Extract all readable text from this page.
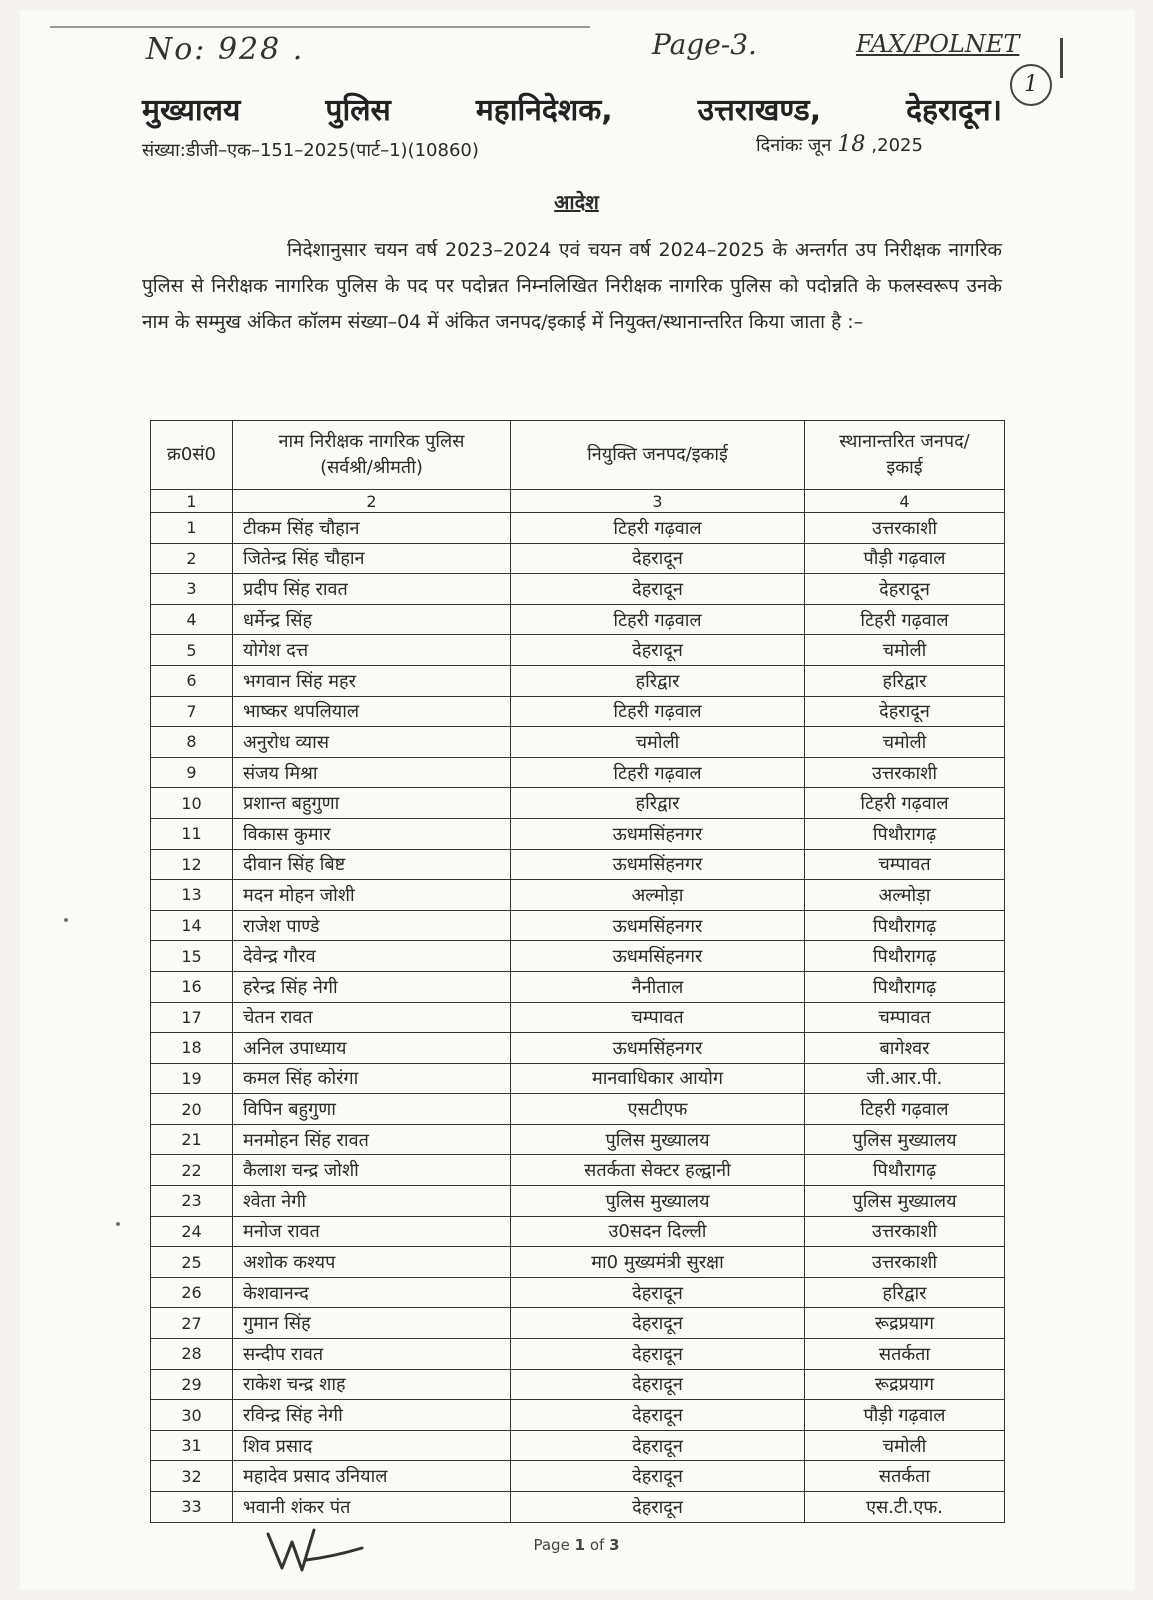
No: 928 .	Page-3.	FAX/POLNET
1
मुख्यालय	पुलिस	महानिदेशक,	उत्तराखण्ड,	देहरादून।
संख्या:डीजी–एक–151–2025(पार्ट–1)(10860)	दिनांकः जून 18 ,2025
आदेश
निदेशानुसार चयन वर्ष 2023–2024 एवं चयन वर्ष 2024–2025 के अन्तर्गत उप निरीक्षक नागरिक पुलिस से निरीक्षक नागरिक पुलिस के पद पर पदोन्नत निम्नलिखित निरीक्षक नागरिक पुलिस को पदोन्नति के फलस्वरूप उनके नाम के सम्मुख अंकित कॉलम संख्या–04 में अंकित जनपद/इकाई में नियुक्त/स्थानान्तरित किया जाता है :–
क्र0सं0	नाम निरीक्षक नागरिक पुलिस (सर्वश्री/श्रीमती)	नियुक्ति जनपद/इकाई	स्थानान्तरित जनपद/इकाई
1	2	3	4
1	टीकम सिंह चौहान	टिहरी गढ़वाल	उत्तरकाशी
2	जितेन्द्र सिंह चौहान	देहरादून	पौड़ी गढ़वाल
3	प्रदीप सिंह रावत	देहरादून	देहरादून
4	धर्मेन्द्र सिंह	टिहरी गढ़वाल	टिहरी गढ़वाल
5	योगेश दत्त	देहरादून	चमोली
6	भगवान सिंह महर	हरिद्वार	हरिद्वार
7	भाष्कर थपलियाल	टिहरी गढ़वाल	देहरादून
8	अनुरोध व्यास	चमोली	चमोली
9	संजय मिश्रा	टिहरी गढ़वाल	उत्तरकाशी
10	प्रशान्त बहुगुणा	हरिद्वार	टिहरी गढ़वाल
11	विकास कुमार	ऊधमसिंहनगर	पिथौरागढ़
12	दीवान सिंह बिष्ट	ऊधमसिंहनगर	चम्पावत
13	मदन मोहन जोशी	अल्मोड़ा	अल्मोड़ा
14	राजेश पाण्डे	ऊधमसिंहनगर	पिथौरागढ़
15	देवेन्द्र गौरव	ऊधमसिंहनगर	पिथौरागढ़
16	हरेन्द्र सिंह नेगी	नैनीताल	पिथौरागढ़
17	चेतन रावत	चम्पावत	चम्पावत
18	अनिल उपाध्याय	ऊधमसिंहनगर	बागेश्वर
19	कमल सिंह कोरंगा	मानवाधिकार आयोग	जी.आर.पी.
20	विपिन बहुगुणा	एसटीएफ	टिहरी गढ़वाल
21	मनमोहन सिंह रावत	पुलिस मुख्यालय	पुलिस मुख्यालय
22	कैलाश चन्द्र जोशी	सतर्कता सेक्टर हल्द्वानी	पिथौरागढ़
23	श्वेता नेगी	पुलिस मुख्यालय	पुलिस मुख्यालय
24	मनोज रावत	उ0सदन दिल्ली	उत्तरकाशी
25	अशोक कश्यप	मा0 मुख्यमंत्री सुरक्षा	उत्तरकाशी
26	केशवानन्द	देहरादून	हरिद्वार
27	गुमान सिंह	देहरादून	रूद्रप्रयाग
28	सन्दीप रावत	देहरादून	सतर्कता
29	राकेश चन्द्र शाह	देहरादून	रूद्रप्रयाग
30	रविन्द्र सिंह नेगी	देहरादून	पौड़ी गढ़वाल
31	शिव प्रसाद	देहरादून	चमोली
32	महादेव प्रसाद उनियाल	देहरादून	सतर्कता
33	भवानी शंकर पंत	देहरादून	एस.टी.एफ.
Page 1 of 3
